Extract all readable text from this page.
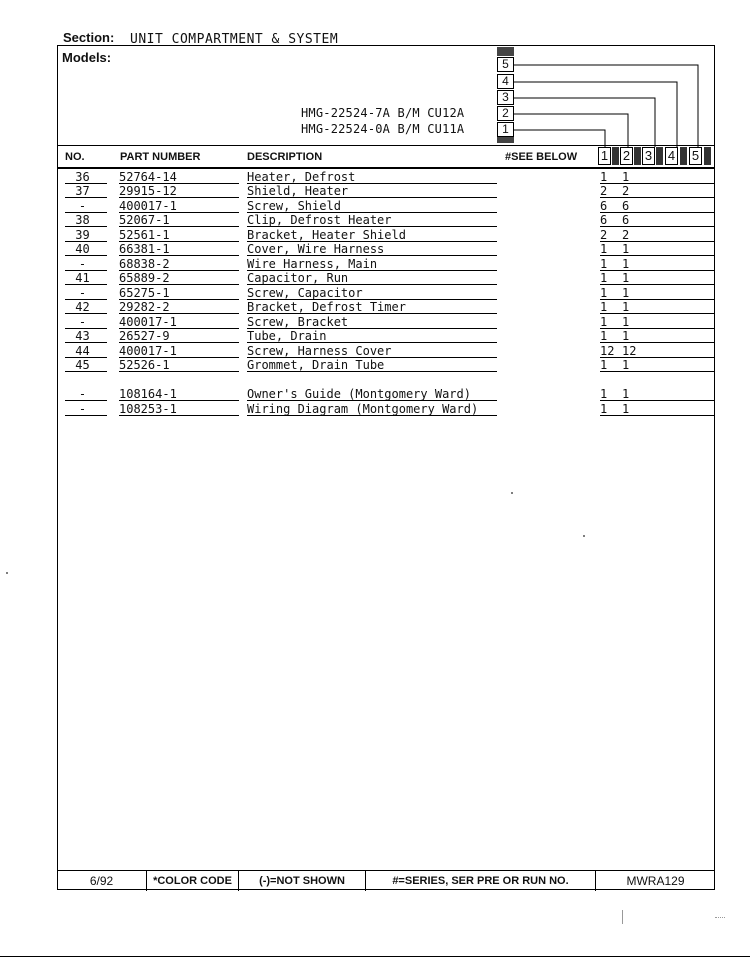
Section: UNIT COMPARTMENT & SYSTEM
Models:
HMG-22524-7A B/M CU12A
HMG-22524-0A B/M CU11A
5
4
3
2
1
NO.	PART NUMBER	DESCRIPTION	#SEE BELOW 1 2 3 4 5
36	52764-14	Heater, Defrost	1 1
37	29915-12	Shield, Heater	2 2
-	400017-1	Screw, Shield	6 6
38	52067-1	Clip, Defrost Heater	6 6
39	52561-1	Bracket, Heater Shield	2 2
40	66381-1	Cover, Wire Harness	1 1
-	68838-2	Wire Harness, Main	1 1
41	65889-2	Capacitor, Run	1 1
-	65275-1	Screw, Capacitor	1 1
42	29282-2	Bracket, Defrost Timer	1 1
-	400017-1	Screw, Bracket	1 1
43	26527-9	Tube, Drain	1 1
44	400017-1	Screw, Harness Cover	12 12
45	52526-1	Grommet, Drain Tube	1 1
-	108164-1	Owner's Guide (Montgomery Ward)	1 1
-	108253-1	Wiring Diagram (Montgomery Ward)	1 1
6/92	*COLOR CODE	(-)=NOT SHOWN	#=SERIES, SER PRE OR RUN NO.	MWRA129
